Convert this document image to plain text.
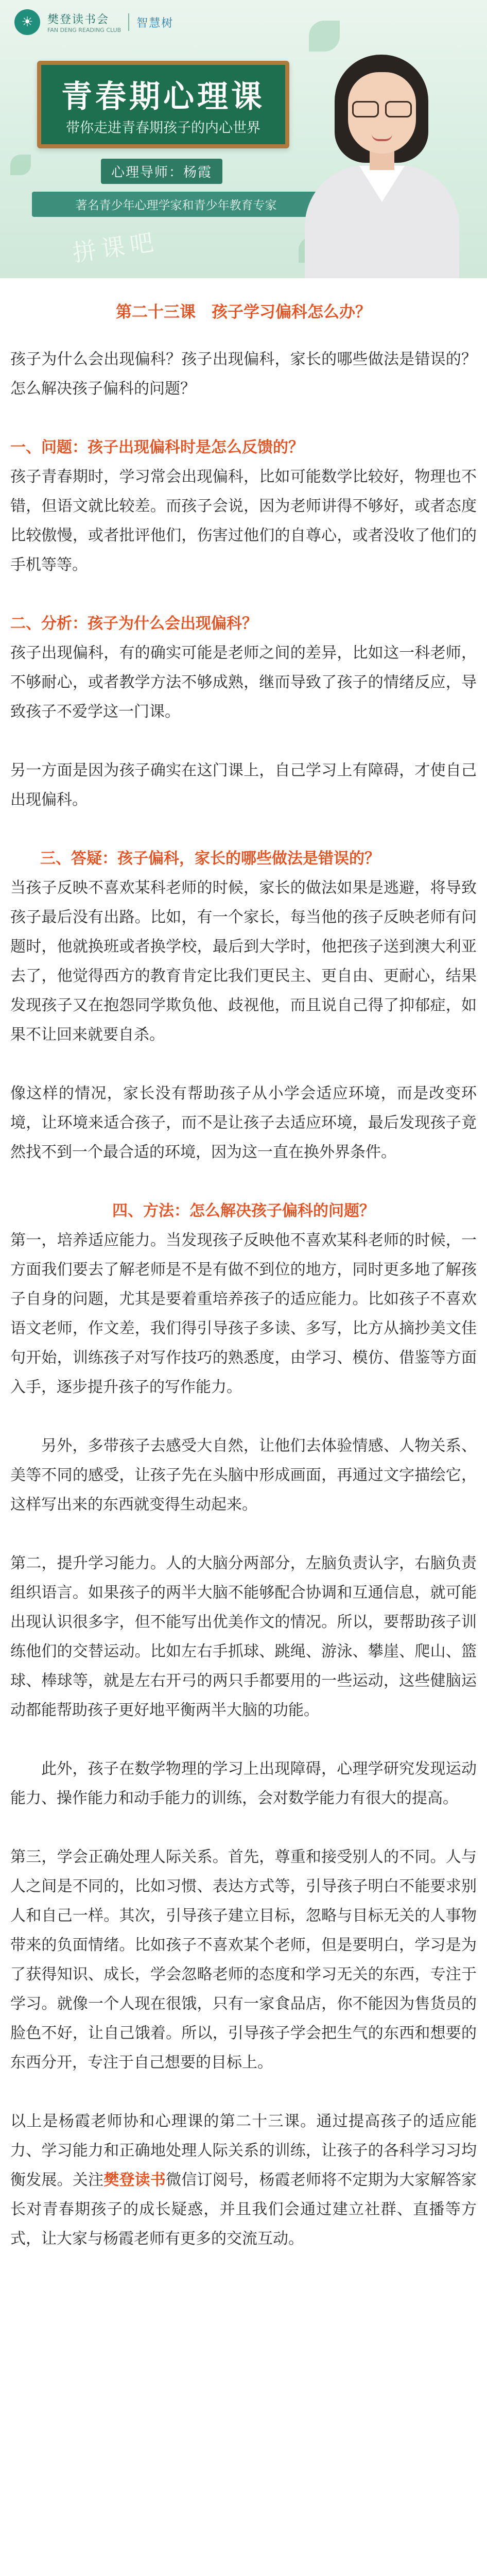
☀	樊登读书会
FAN DENG READING CLUB
智慧树
青春期心理课
带你走进青春期孩子的内心世界
心理导师：杨霞
著名青少年心理学家和青少年教育专家
拼课吧
第二十三课　孩子学习偏科怎么办？

孩子为什么会出现偏科？孩子出现偏科，家长的哪些做法是错误的？怎么解决孩子偏科的问题？

一、问题：孩子出现偏科时是怎么反馈的？

孩子青春期时，学习常会出现偏科，比如可能数学比较好，物理也不错，但语文就比较差。而孩子会说，因为老师讲得不够好，或者态度比较傲慢，或者批评他们，伤害过他们的自尊心，或者没收了他们的手机等等。

二、分析：孩子为什么会出现偏科？

孩子出现偏科，有的确实可能是老师之间的差异，比如这一科老师，不够耐心，或者教学方法不够成熟，继而导致了孩子的情绪反应，导致孩子不爱学这一门课。

另一方面是因为孩子确实在这门课上，自己学习上有障碍，才使自己出现偏科。

三、答疑：孩子偏科，家长的哪些做法是错误的？

当孩子反映不喜欢某科老师的时候，家长的做法如果是逃避，将导致孩子最后没有出路。比如，有一个家长，每当他的孩子反映老师有问题时，他就换班或者换学校，最后到大学时，他把孩子送到澳大利亚去了，他觉得西方的教育肯定比我们更民主、更自由、更耐心，结果发现孩子又在抱怨同学欺负他、歧视他，而且说自己得了抑郁症，如果不让回来就要自杀。

像这样的情况，家长没有帮助孩子从小学会适应环境，而是改变环境，让环境来适合孩子，而不是让孩子去适应环境，最后发现孩子竟然找不到一个最合适的环境，因为这一直在换外界条件。

四、方法：怎么解决孩子偏科的问题？

第一，培养适应能力。当发现孩子反映他不喜欢某科老师的时候，一方面我们要去了解老师是不是有做不到位的地方，同时更多地了解孩子自身的问题，尤其是要着重培养孩子的适应能力。比如孩子不喜欢语文老师，作文差，我们得引导孩子多读、多写，比方从摘抄美文佳句开始，训练孩子对写作技巧的熟悉度，由学习、模仿、借鉴等方面入手，逐步提升孩子的写作能力。

另外，多带孩子去感受大自然，让他们去体验情感、人物关系、美等不同的感受，让孩子先在头脑中形成画面，再通过文字描绘它，这样写出来的东西就变得生动起来。

第二，提升学习能力。人的大脑分两部分，左脑负责认字，右脑负责组织语言。如果孩子的两半大脑不能够配合协调和互通信息，就可能出现认识很多字，但不能写出优美作文的情况。所以，要帮助孩子训练他们的交替运动。比如左右手抓球、跳绳、游泳、攀崖、爬山、篮球、棒球等，就是左右开弓的两只手都要用的一些运动，这些健脑运动都能帮助孩子更好地平衡两半大脑的功能。

此外，孩子在数学物理的学习上出现障碍，心理学研究发现运动能力、操作能力和动手能力的训练，会对数学能力有很大的提高。

第三，学会正确处理人际关系。首先，尊重和接受别人的不同。人与人之间是不同的，比如习惯、表达方式等，引导孩子明白不能要求别人和自己一样。其次，引导孩子建立目标，忽略与目标无关的人事物带来的负面情绪。比如孩子不喜欢某个老师，但是要明白，学习是为了获得知识、成长，学会忽略老师的态度和学习无关的东西，专注于学习。就像一个人现在很饿，只有一家食品店，你不能因为售货员的脸色不好，让自己饿着。所以，引导孩子学会把生气的东西和想要的东西分开，专注于自己想要的目标上。

以上是杨霞老师协和心理课的第二十三课。通过提高孩子的适应能力、学习能力和正确地处理人际关系的训练，让孩子的各科学习习均衡发展。关注樊登读书微信订阅号，杨霞老师将不定期为大家解答家长对青春期孩子的成长疑惑，并且我们会通过建立社群、直播等方式，让大家与杨霞老师有更多的交流互动。
